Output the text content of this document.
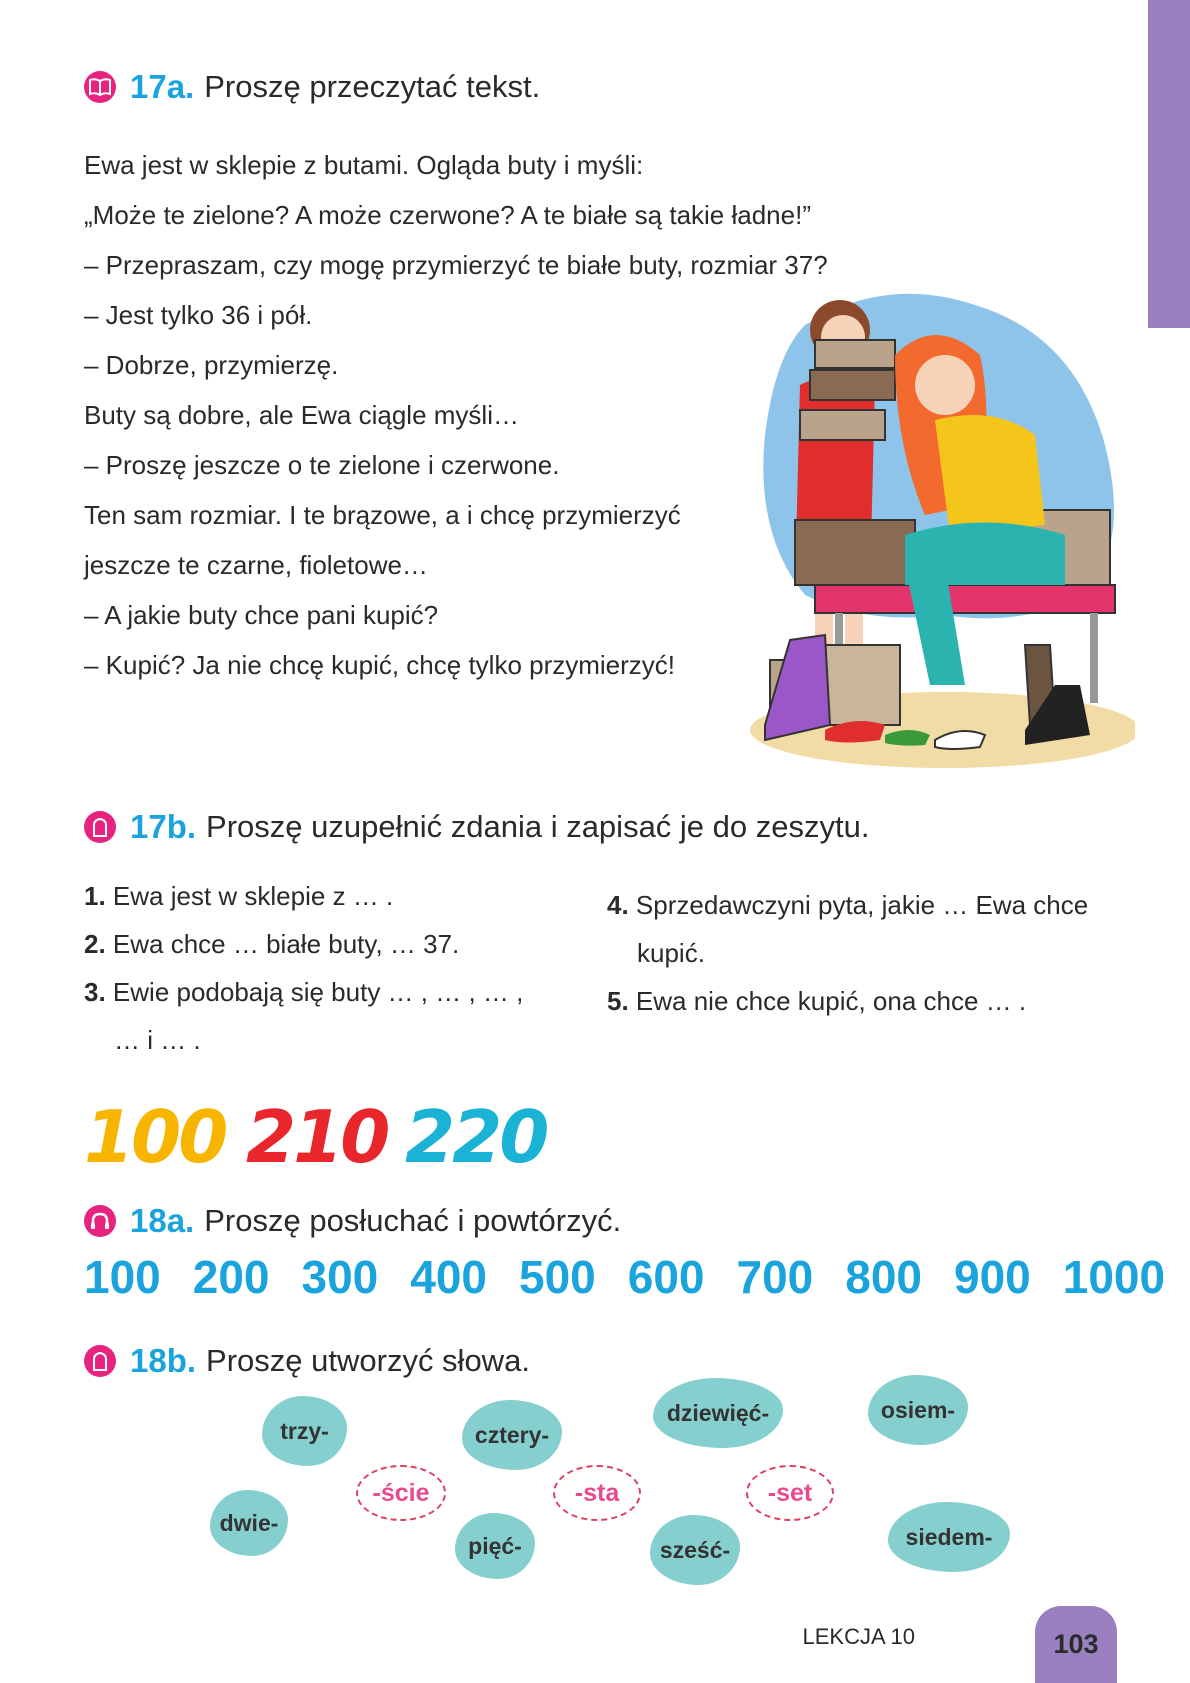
17a. Proszę przeczytać tekst.
Ewa jest w sklepie z butami. Ogląda buty i myśli:
„Może te zielone? A może czerwone? A te białe są takie ładne!”
– Przepraszam, czy mogę przymierzyć te białe buty, rozmiar 37?
– Jest tylko 36 i pół.
– Dobrze, przymierzę.
Buty są dobre, ale Ewa ciągle myśli…
– Proszę jeszcze o te zielone i czerwone.
Ten sam rozmiar. I te brązowe, a i chcę przymierzyć
jeszcze te czarne, fioletowe…
– A jakie buty chce pani kupić?
– Kupić? Ja nie chcę kupić, chcę tylko przymierzyć!
17b. Proszę uzupełnić zdania i zapisać je do zeszytu.
1. Ewa jest w sklepie z … .
2. Ewa chce … białe buty, … 37.
3. Ewie podobają się buty … , … , … ,
… i … .
4. Sprzedawczyni pyta, jakie … Ewa chce
kupić.
5. Ewa nie chce kupić, ona chce … .
100 210 220
18a. Proszę posłuchać i powtórzyć.
100 200 300 400 500 600 700 800 900 1000
18b. Proszę utworzyć słowa.
trzy-	cztery-
dziewięć-	osiem-
dwie-
pięć-	sześć-	siedem-
-ście	-sta	-set
LEKCJA 10	103
